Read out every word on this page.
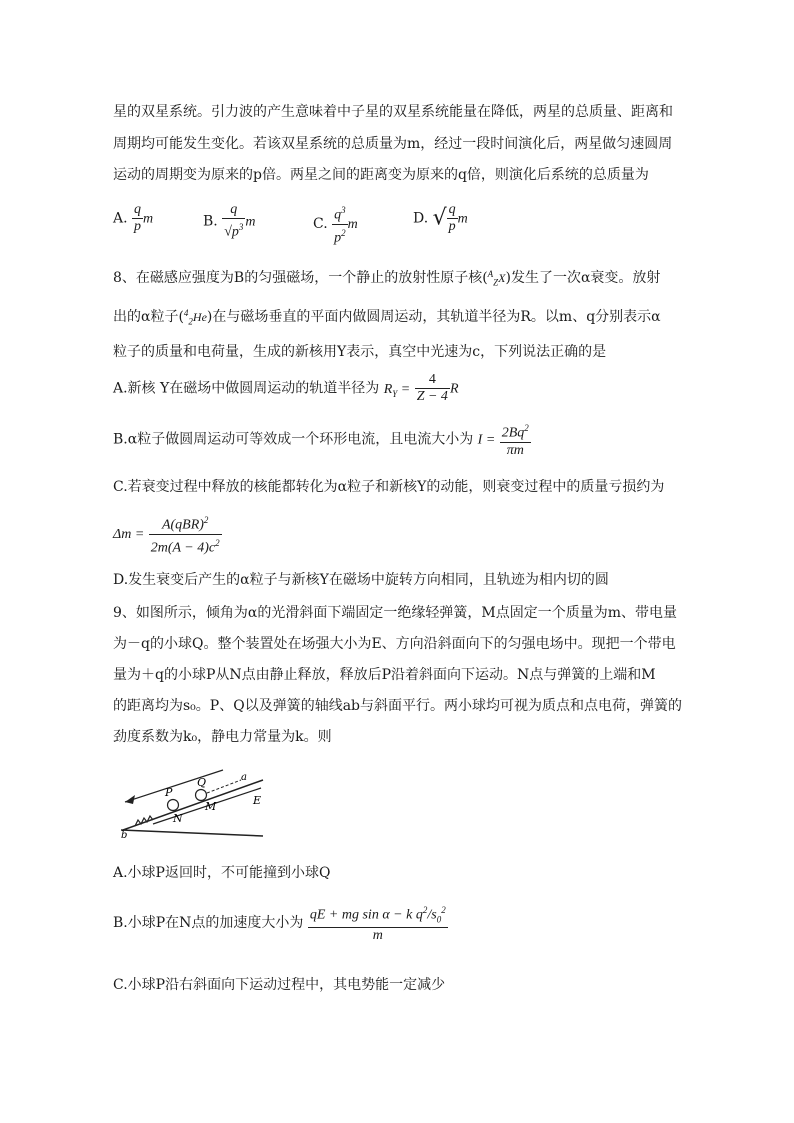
星的双星系统。引力波的产生意味着中子星的双星系统能量在降低，两星的总质量、距离和
周期均可能发生变化。若该双星系统的总质量为m，经过一段时间演化后，两星做匀速圆周
运动的周期变为原来的p倍。两星之间的距离变为原来的q倍，则演化后系统的总质量为
A. $\frac{q}{p}$ m	B. $\frac{q}{√p^3}$ m	C. $\frac{q^3}{p^2}$ m	D. √ $\frac{q}{p}$ m
8、在磁感应强度为B的匀强磁场，一个静止的放射性原子核($^A_Z$X)发生了一次α衰变。放射
出的α粒子($^4_2$He)在与磁场垂直的平面内做圆周运动，其轨道半径为R。以m、q分别表示α
粒子的质量和电荷量，生成的新核用Y表示，真空中光速为c，下列说法正确的是
A.新核 Y在磁场中做圆周运动的轨道半径为 $R_Y = \frac{4}{Z - 4}$ R
B.α粒子做圆周运动可等效成一个环形电流，且电流大小为 $I = \frac{2Bq^2}{\pi m}$
C.若衰变过程中释放的核能都转化为α粒子和新核Y的动能，则衰变过程中的质量亏损约为
$\Delta m = \frac{A(qBR)^2}{2m(A - 4)c^2}$
D.发生衰变后产生的α粒子与新核Y在磁场中旋转方向相同，且轨迹为相内切的圆
9、如图所示，倾角为α的光滑斜面下端固定一绝缘轻弹簧，M点固定一个质量为m、带电量
为－q的小球Q。整个装置处在场强大小为E、方向沿斜面向下的匀强电场中。现把一个带电
量为＋q的小球P从N点由静止释放，释放后P沿着斜面向下运动。N点与弹簧的上端和M
的距离均为s₀。P、Q以及弹簧的轴线ab与斜面平行。两小球均可视为质点和点电荷，弹簧的
劲度系数为k₀，静电力常量为k。则
P
Q
M
N
a
b
E
A.小球P返回时，不可能撞到小球Q
B.小球P在N点的加速度大小为 $\frac{qE + mg \sin \alpha - k q^2/s_0^2}{m}$
C.小球P沿右斜面向下运动过程中，其电势能一定减少
